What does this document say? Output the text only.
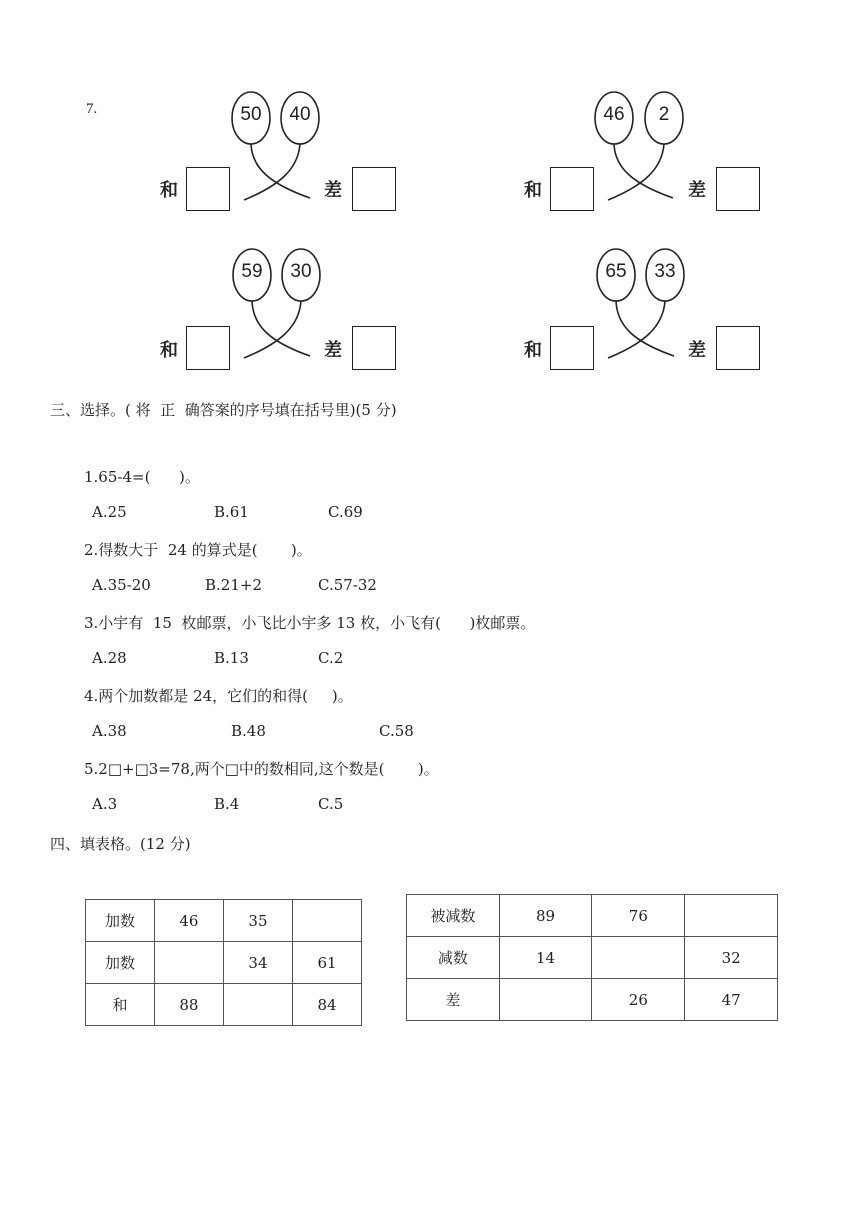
7.	50	40
和	差
46	2
和	差
59	30
和	差
65	33
和	差
三、选择。( 将  正  确答案的序号填在括号里)(5 分)
1.65-4=(      )。
A.25	B.61	C.69
2.得数大于  24 的算式是(       )。
A.35-20	B.21+2	C.57-32
3.小宇有  15  枚邮票，小飞比小宇多 13 枚，小飞有(      )枚邮票。
A.28	B.13	C.2
4.两个加数都是 24，它们的和得(     )。
A.38	B.48	C.58
5.2□+□3=78,两个□中的数相同,这个数是(       )。
A.3	B.4	C.5
四、填表格。(12 分)
加数	46	35	
加数		34	61
和	88		84
被减数	89	76	
减数	14		32
差		26	47
